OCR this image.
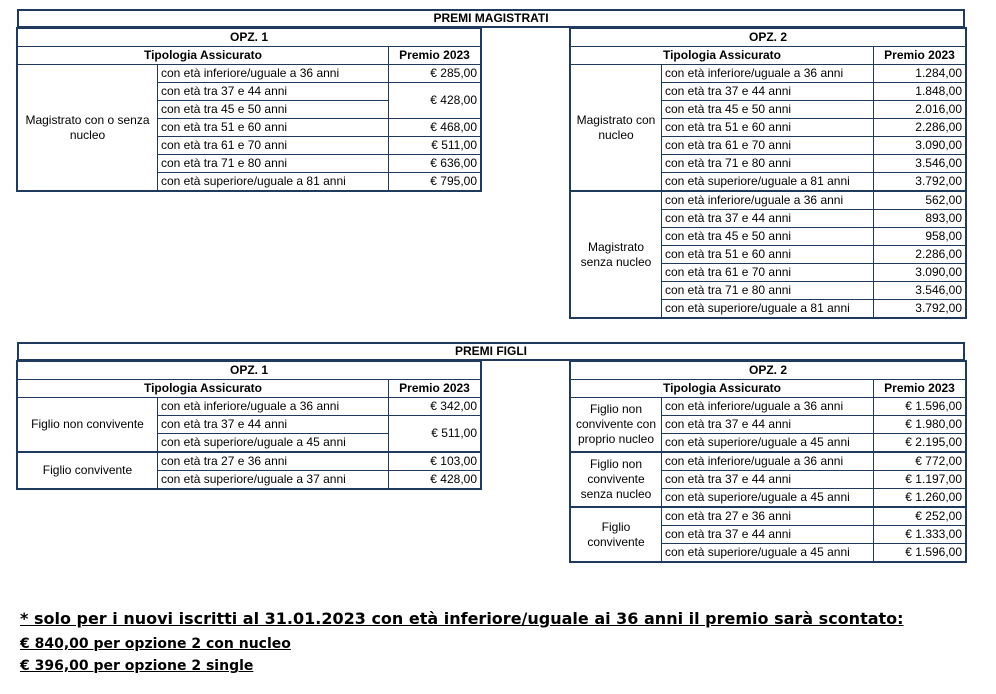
PREMI MAGISTRATI
OPZ. 1		
Tipologia Assicurato		Premio 2023
Magistrato con o senza nucleo	con età inferiore/uguale a 36 anni	€ 285,00
	con età tra 37 e 44 anni	€ 428,00
	con età tra 45 e 50 anni	
	con età tra 51 e 60 anni	€ 468,00
	con età tra 61 e 70 anni	€ 511,00
	con età tra 71 e 80 anni	€ 636,00
	con età superiore/uguale a 81 anni	€ 795,00
OPZ. 2		
Tipologia Assicurato		Premio 2023
Magistrato con nucleo	con età inferiore/uguale a 36 anni	1.284,00
	con età tra 37 e 44 anni	1.848,00
	con età tra 45 e 50 anni	2.016,00
	con età tra 51 e 60 anni	2.286,00
	con età tra 61 e 70 anni	3.090,00
	con età tra 71 e 80 anni	3.546,00
	con età superiore/uguale a 81 anni	3.792,00
Magistrato senza nucleo	con età inferiore/uguale a 36 anni	562,00
	con età tra 37 e 44 anni	893,00
	con età tra 45 e 50 anni	958,00
	con età tra 51 e 60 anni	2.286,00
	con età tra 61 e 70 anni	3.090,00
	con età tra 71 e 80 anni	3.546,00
	con età superiore/uguale a 81 anni	3.792,00
PREMI FIGLI
OPZ. 1		
Tipologia Assicurato		Premio 2023
Figlio non convivente	con età inferiore/uguale a 36 anni	€ 342,00
	con età tra 37 e 44 anni	€ 511,00
	con età superiore/uguale a 45 anni	
Figlio convivente	con età tra 27 e 36 anni	€ 103,00
	con età superiore/uguale a 37 anni	€ 428,00
OPZ. 2		
Tipologia Assicurato		Premio 2023
Figlio non convivente con proprio nucleo	con età inferiore/uguale a 36 anni	€ 1.596,00
	con età tra 37 e 44 anni	€ 1.980,00
	con età superiore/uguale a 45 anni	€ 2.195,00
Figlio non convivente senza nucleo	con età inferiore/uguale a 36 anni	€ 772,00
	con età tra 37 e 44 anni	€ 1.197,00
	con età superiore/uguale a 45 anni	€ 1.260,00
Figlio convivente	con età tra 27 e 36 anni	€ 252,00
	con età tra 37 e 44 anni	€ 1.333,00
	con età superiore/uguale a 45 anni	€ 1.596,00
* solo per i nuovi iscritti al 31.01.2023 con età inferiore/uguale ai 36 anni il premio sarà scontato:
€ 840,00 per opzione 2 con nucleo
€ 396,00 per opzione 2 single
